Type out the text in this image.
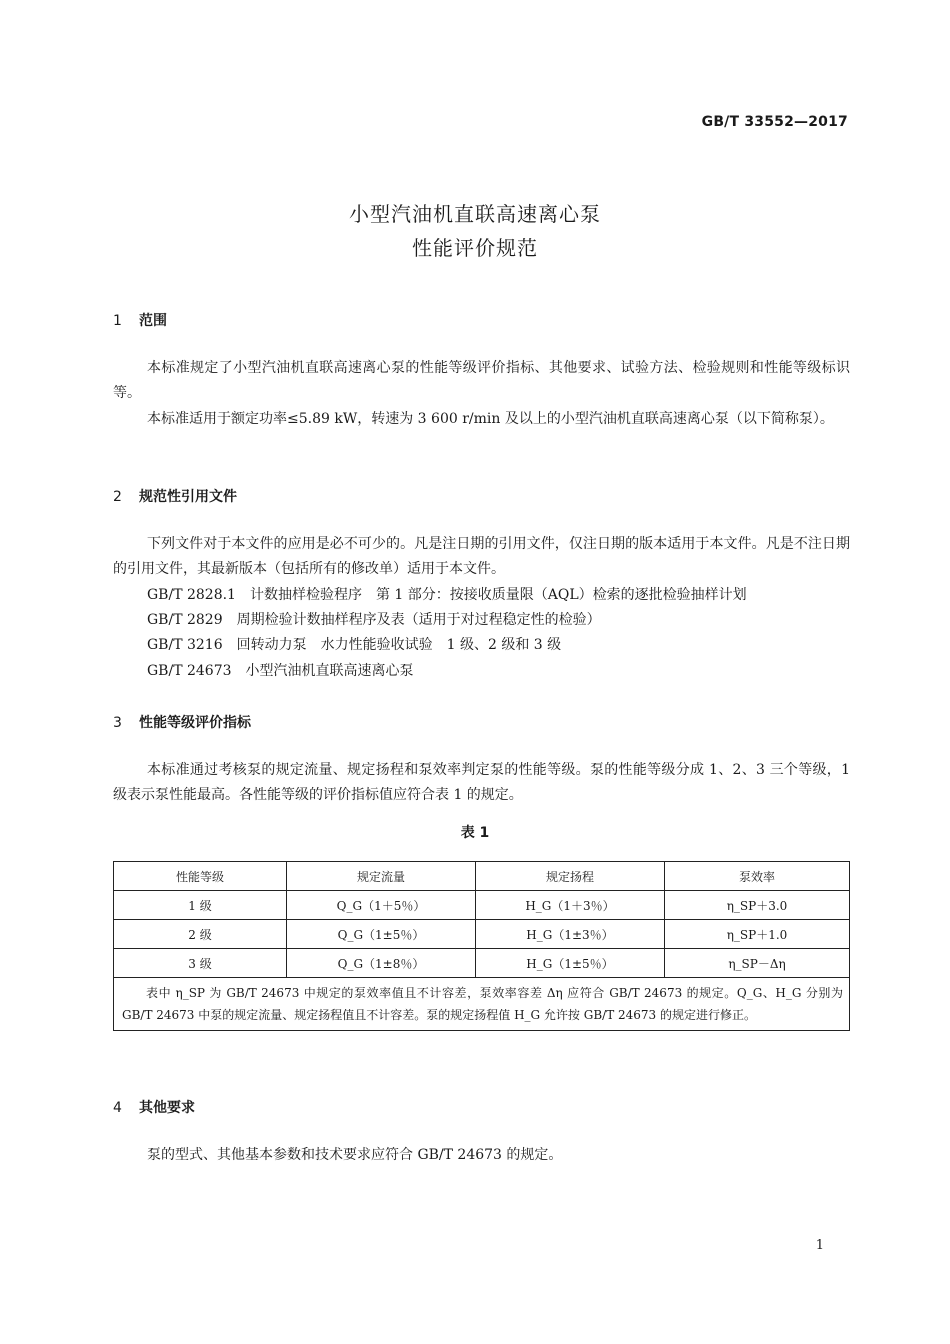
GB/T 33552—2017
小型汽油机直联高速离心泵
性能评价规范
1 范围
本标准规定了小型汽油机直联高速离心泵的性能等级评价指标、其他要求、试验方法、检验规则和性能等级标识等。
本标准适用于额定功率≤5.89 kW，转速为 3 600 r/min 及以上的小型汽油机直联高速离心泵（以下简称泵）。
2 规范性引用文件
下列文件对于本文件的应用是必不可少的。凡是注日期的引用文件，仅注日期的版本适用于本文件。凡是不注日期的引用文件，其最新版本（包括所有的修改单）适用于本文件。
GB/T 2828.1　计数抽样检验程序　第 1 部分：按接收质量限（AQL）检索的逐批检验抽样计划
GB/T 2829　周期检验计数抽样程序及表（适用于对过程稳定性的检验）
GB/T 3216　回转动力泵　水力性能验收试验　1 级、2 级和 3 级
GB/T 24673　小型汽油机直联高速离心泵
3 性能等级评价指标
本标准通过考核泵的规定流量、规定扬程和泵效率判定泵的性能等级。泵的性能等级分成 1、2、3 三个等级，1 级表示泵性能最高。各性能等级的评价指标值应符合表 1 的规定。
表 1
性能等级	规定流量	规定扬程	泵效率
1 级	Q_G（1＋5％）	H_G（1＋3％）	η_SP＋3.0
2 级	Q_G（1±5％）	H_G（1±3％）	η_SP＋1.0
3 级	Q_G（1±8％）	H_G（1±5％）	η_SP－Δη
表中 η_SP 为 GB/T 24673 中规定的泵效率值且不计容差，泵效率容差 Δη 应符合 GB/T 24673 的规定。Q_G、H_G 分别为 GB/T 24673 中泵的规定流量、规定扬程值且不计容差。泵的规定扬程值 H_G 允许按 GB/T 24673 的规定进行修正。			
4 其他要求
泵的型式、其他基本参数和技术要求应符合 GB/T 24673 的规定。
1
